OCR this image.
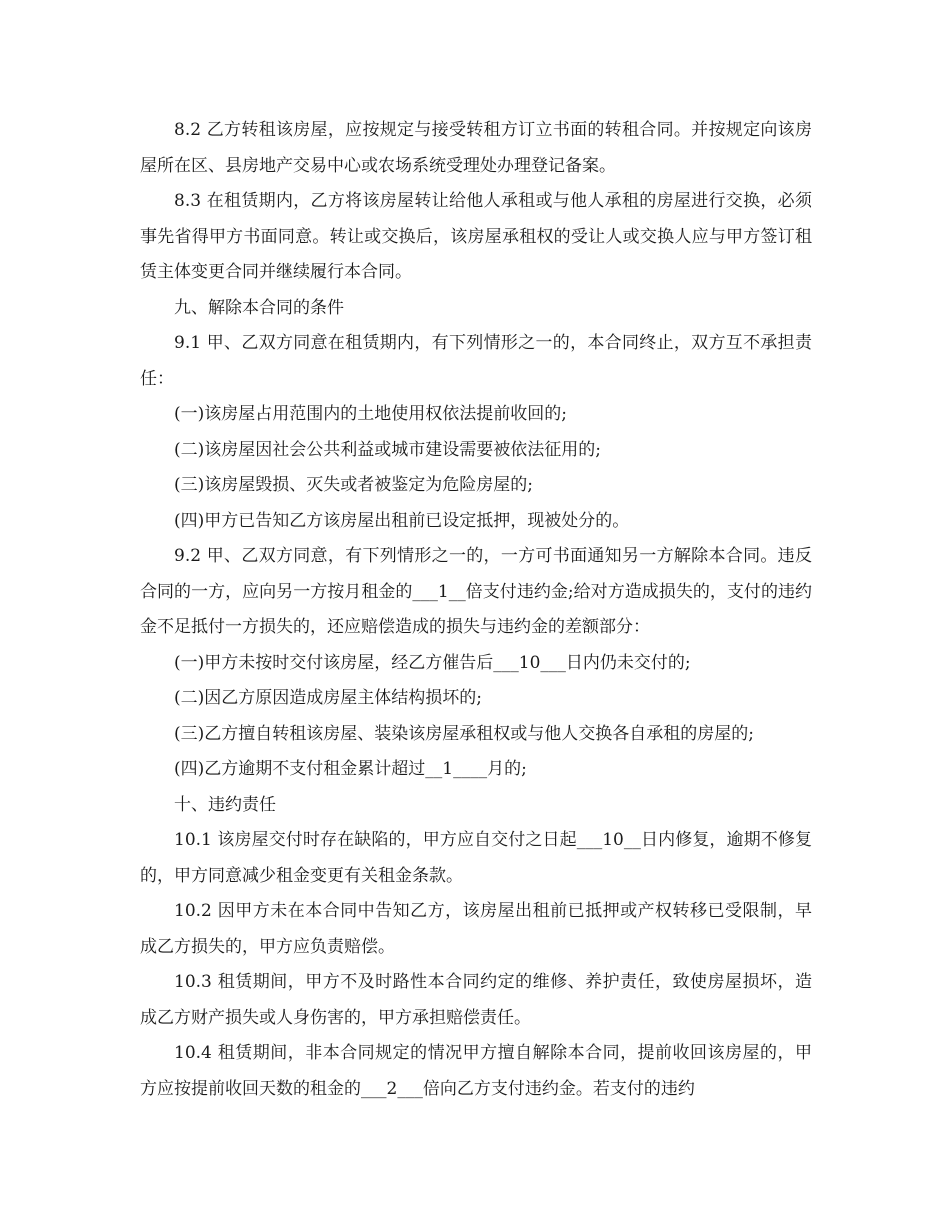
8.2 乙方转租该房屋，应按规定与接受转租方订立书面的转租合同。并按规定向该房屋所在区、县房地产交易中心或农场系统受理处办理登记备案。

8.3 在租赁期内，乙方将该房屋转让给他人承租或与他人承租的房屋进行交换，必须事先省得甲方书面同意。转让或交换后，该房屋承租权的受让人或交换人应与甲方签订租赁主体变更合同并继续履行本合同。

九、解除本合同的条件

9.1 甲、乙双方同意在租赁期内，有下列情形之一的，本合同终止，双方互不承担责任：

(一)该房屋占用范围内的土地使用权依法提前收回的;

(二)该房屋因社会公共利益或城市建设需要被依法征用的;

(三)该房屋毁损、灭失或者被鉴定为危险房屋的;

(四)甲方已告知乙方该房屋出租前已设定抵押，现被处分的。

9.2 甲、乙双方同意，有下列情形之一的，一方可书面通知另一方解除本合同。违反合同的一方，应向另一方按月租金的___1__倍支付违约金;给对方造成损失的，支付的违约金不足抵付一方损失的，还应赔偿造成的损失与违约金的差额部分：

(一)甲方未按时交付该房屋，经乙方催告后___10___日内仍未交付的;

(二)因乙方原因造成房屋主体结构损坏的;

(三)乙方擅自转租该房屋、装染该房屋承租权或与他人交换各自承租的房屋的;

(四)乙方逾期不支付租金累计超过__1____月的;

十、违约责任

10.1 该房屋交付时存在缺陷的，甲方应自交付之日起___10__日内修复，逾期不修复的，甲方同意减少租金变更有关租金条款。

10.2 因甲方未在本合同中告知乙方，该房屋出租前已抵押或产权转移已受限制，早成乙方损失的，甲方应负责赔偿。

10.3 租赁期间，甲方不及时路性本合同约定的维修、养护责任，致使房屋损坏，造成乙方财产损失或人身伤害的，甲方承担赔偿责任。

10.4 租赁期间，非本合同规定的情况甲方擅自解除本合同，提前收回该房屋的，甲方应按提前收回天数的租金的___2___倍向乙方支付违约金。若支付的违约
